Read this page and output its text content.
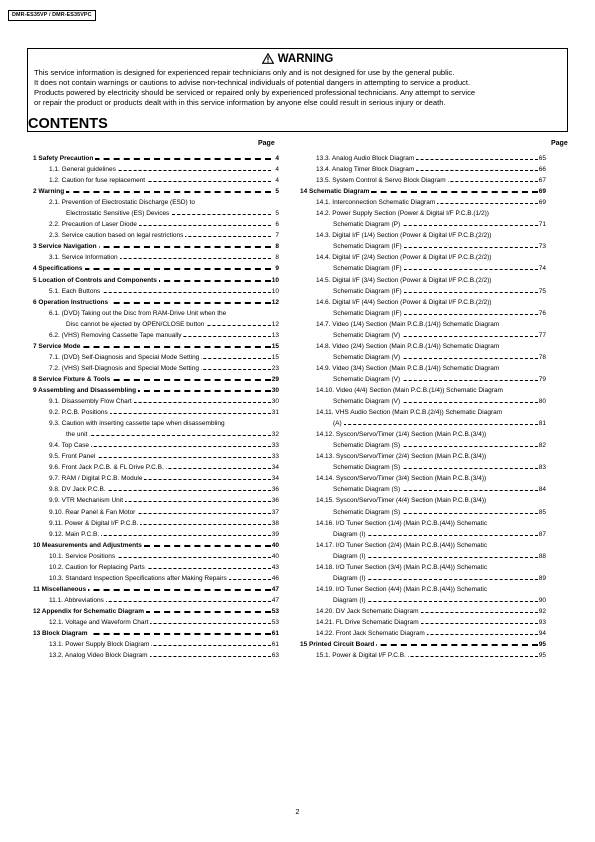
DMR-ES35VP / DMR-ES35VPC
WARNING
This service information is designed for experienced repair technicians only and is not designed for use by the general public.
It does not contain warnings or cautions to advise non-technical individuals of potential dangers in attempting to service a product.
Products powered by electricity should be serviced or repaired only by experienced professional technicians. Any attempt to service
or repair the product or products dealt with in this service information by anyone else could result in serious injury or death.
CONTENTS
Page	Page
1 Safety Precaution	4
1.1. General guidelines	4
1.2. Caution for fuse replacement	4
2 Warning	5
2.1. Prevention of Electrostatic Discharge (ESD) to
Electrostatic Sensitive (ES) Devices	5
2.2. Precaution of Laser Diode	6
2.3. Service caution based on legal restrictions	7
3 Service Navigation	8
3.1. Service Information	8
4 Specifications	9
5 Location of Controls and Components	10
5.1. Each Buttons	10
6 Operation Instructions	12
6.1. (DVD) Taking out the Disc from RAM-Drive Unit when the
Disc cannot be ejected by OPEN/CLOSE button	12
6.2. (VHS) Removing Cassette Tape manually	13
7 Service Mode	15
7.1. (DVD) Self-Diagnosis and Special Mode Setting	15
7.2. (VHS) Self-Diagnosis and Special Mode Setting	23
8 Service Fixture & Tools	29
9 Assembling and Disassembling	30
9.1. Disassembly Flow Chart	30
9.2. P.C.B. Positions	31
9.3. Caution with inserting cassette tape when disassembling
the unit	32
9.4. Top Case	33
9.5. Front Panel	33
9.6. Front Jack P.C.B. & FL Drive P.C.B.	34
9.7. RAM / Digital P.C.B. Module	34
9.8. DV Jack P.C.B.	36
9.9. VTR Mechanism Unit	36
9.10. Rear Panel & Fan Motor	37
9.11. Power & Digital I/F P.C.B.	38
9.12. Main P.C.B.	39
10 Measurements and Adjustments	40
10.1. Service Positions	40
10.2. Caution for Replacing Parts	43
10.3. Standard Inspection Specifications after Making Repairs	46
11 Miscellaneous	47
11.1. Abbreviations	47
12 Appendix for Schematic Diagram	53
12.1. Voltage and Waveform Chart	53
13 Block Diagram	61
13.1. Power Supply Block Diagram	61
13.2. Analog Video Block Diagram	63
13.3. Analog Audio Block Diagram	65
13.4. Analog Timer Block Diagram	66
13.5. System Control & Servo Block Diagram	67
14 Schematic Diagram	69
14.1. Interconnection Schematic Diagram	69
14.2. Power Supply Section (Power & Digital I/F P.C.B.(1/2))
Schematic Diagram (P)	71
14.3. Digital I/F (1/4) Section (Power & Digital I/F P.C.B.(2/2))
Schematic Diagram (IF)	73
14.4. Digital I/F (2/4) Section (Power & Digital I/F P.C.B.(2/2))
Schematic Diagram (IF)	74
14.5. Digital I/F (3/4) Section (Power & Digital I/F P.C.B.(2/2))
Schematic Diagram (IF)	75
14.6. Digital I/F (4/4) Section (Power & Digital I/F P.C.B.(2/2))
Schematic Diagram (IF)	76
14.7. Video (1/4) Section (Main P.C.B.(1/4)) Schematic Diagram
Schematic Diagram (V)	77
14.8. Video (2/4) Section (Main P.C.B.(1/4)) Schematic Diagram
Schematic Diagram (V)	78
14.9. Video (3/4) Section (Main P.C.B.(1/4)) Schematic Diagram
Schematic Diagram (V)	79
14.10. Video (4/4) Section (Main P.C.B.(1/4)) Schematic Diagram
Schematic Diagram (V)	80
14.11. VHS Audio Section (Main P.C.B.(2/4)) Schematic Diagram
(A)	81
14.12. Syscon/Servo/Timer (1/4) Section (Main P.C.B.(3/4))
Schematic Diagram (S)	82
14.13. Syscon/Servo/Timer (2/4) Section (Main P.C.B.(3/4))
Schematic Diagram (S)	83
14.14. Syscon/Servo/Timer (3/4) Section (Main P.C.B.(3/4))
Schematic Diagram (S)	84
14.15. Syscon/Servo/Timer (4/4) Section (Main P.C.B.(3/4))
Schematic Diagram (S)	85
14.16. I/O Tuner Section (1/4) (Main P.C.B.(4/4)) Schematic
Diagram (I)	87
14.17. I/O Tuner Section (2/4) (Main P.C.B.(4/4)) Schematic
Diagram (I)	88
14.18. I/O Tuner Section (3/4) (Main P.C.B.(4/4)) Schematic
Diagram (I)	89
14.19. I/O Tuner Section (4/4) (Main P.C.B.(4/4)) Schematic
Diagram (I)	90
14.20. DV Jack Schematic Diagram	92
14.21. FL Drive Schematic Diagram	93
14.22. Front Jack Schematic Diagram	94
15 Printed Circuit Board	95
15.1. Power & Digital I/F P.C.B.	95
2
